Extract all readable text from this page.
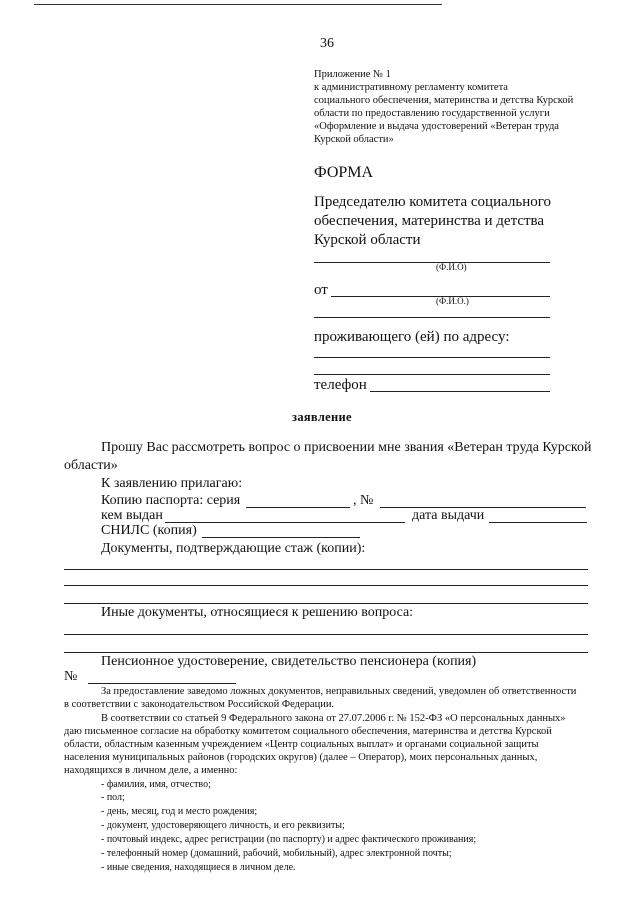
36
Приложение № 1
к административному регламенту комитета
социального обеспечения, материнства и детства Курской
области по предоставлению государственной услуги
«Оформление и выдача удостоверений «Ветеран труда
Курской области»
ФОРМА
Председателю комитета социального
обеспечения, материнства и детства
Курской области
(Ф.И.О)
от
(Ф.И.О.)
проживающего (ей) по адресу:
телефон
заявление
Прошу Вас рассмотреть вопрос о присвоении мне звания «Ветеран труда Курской
области»
К заявлению прилагаю:
Копию паспорта: серия	, №
кем выдан	дата выдачи
СНИЛС (копия)
Документы, подтверждающие стаж (копии):
Иные документы, относящиеся к решению вопроса:
Пенсионное удостоверение, свидетельство пенсионера (копия)
№
За предоставление заведомо ложных документов, неправильных сведений, уведомлен об ответственности
в соответствии с законодательством Российской Федерации.
В соответствии со статьей 9 Федерального закона от 27.07.2006 г. № 152-ФЗ «О персональных данных»
даю письменное согласие на обработку комитетом социального обеспечения, материнства и детства Курской
области, областным казенным учреждением «Центр социальных выплат» и органами социальной защиты
населения муниципальных районов (городских округов) (далее – Оператор), моих персональных данных,
находящихся в личном деле, а именно:
- фамилия, имя, отчество;
- пол;
- день, месяц, год и место рождения;
- документ, удостоверяющего личность, и его реквизиты;
- почтовый индекс, адрес регистрации (по паспорту) и адрес фактического проживания;
- телефонный номер (домашний, рабочий, мобильный), адрес электронной почты;
- иные сведения, находящиеся в личном деле.
